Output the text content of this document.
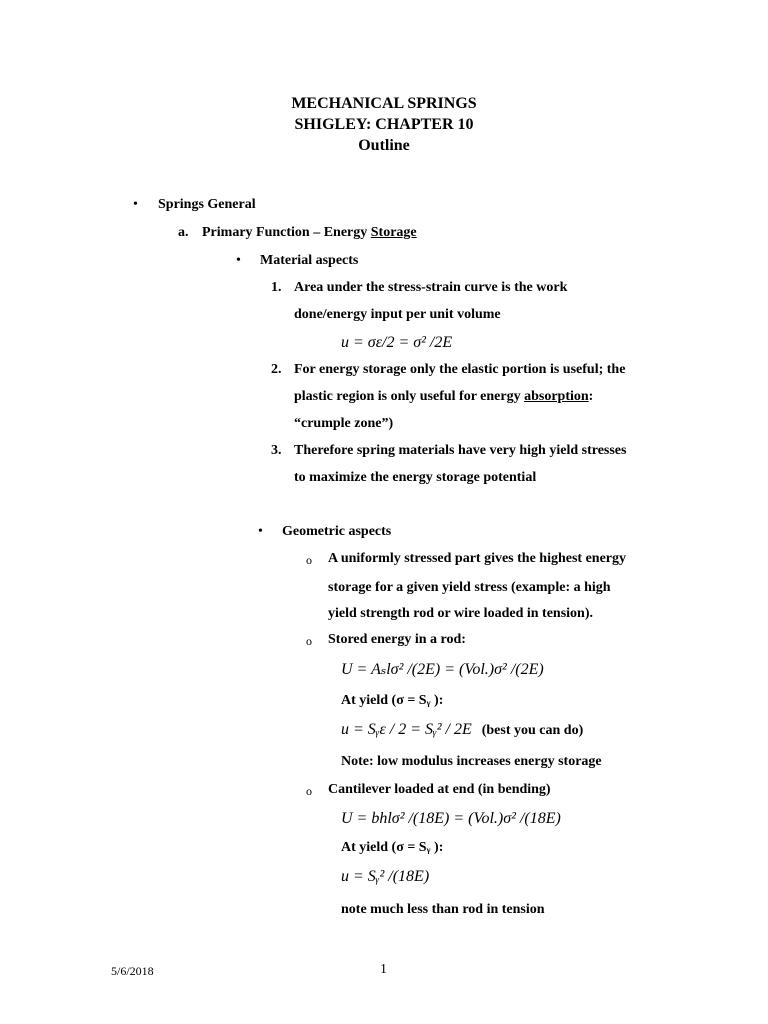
MECHANICAL SPRINGS
SHIGLEY: CHAPTER 10
Outline
• Springs General
a. Primary Function – Energy Storage
• Material aspects
1. Area under the stress-strain curve is the work
done/energy input per unit volume
u = σε/2 = σ² /2E
2. For energy storage only the elastic portion is useful; the
plastic region is only useful for energy absorption:
“crumple zone”)
3. Therefore spring materials have very high yield stresses
to maximize the energy storage potential
• Geometric aspects
o A uniformly stressed part gives the highest energy
storage for a given yield stress (example: a high
yield strength rod or wire loaded in tension).
o Stored energy in a rod:
U = Aₛlσ² /(2E) = (Vol.)σ² /(2E)
At yield (σ = Sᵧ ):
u = Sᵧε / 2 = Sᵧ² / 2E (best you can do)
Note: low modulus increases energy storage
o Cantilever loaded at end (in bending)
U = bhlσ² /(18E) = (Vol.)σ² /(18E)
At yield (σ = Sᵧ ):
u = Sᵧ² /(18E)
note much less than rod in tension
5/6/2018	1
